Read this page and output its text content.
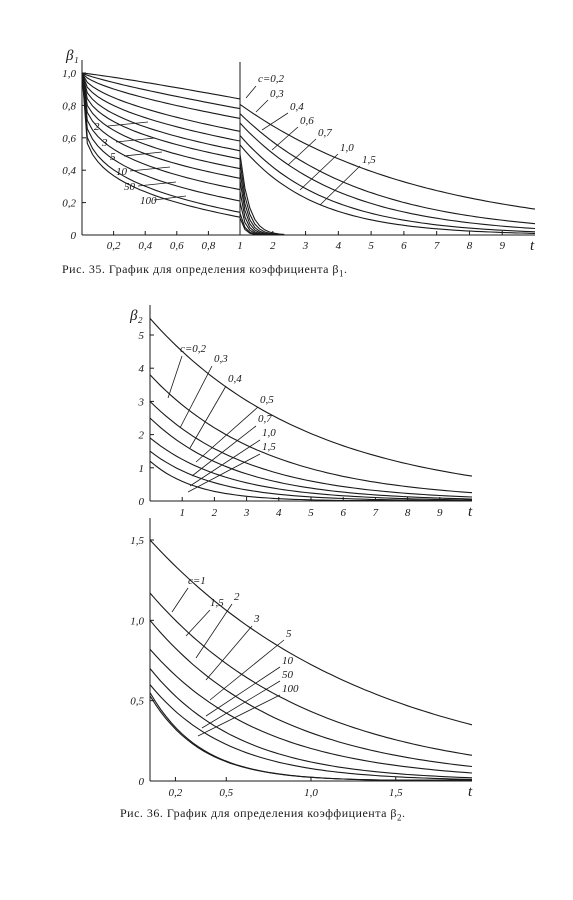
β₁
t
0
0,2
0,4
0,6
0,8
1,0
0,2 0,4 0,6 0,8 1 2 3 4 5 6 7 8 9
c=0,2
0,3
0,4
0,6
0,7
1,0
1,5
2
3
5
10
50
100
β₂
t
0
1
2
3
4
5
1 2 3 4 5 6 7 8 9
c=0,2
0,3
0,4
0,5
0,7
1,0
1,5
t
0
0,5
1,0
1,5
0,2	0,5	1,0	1,5
c=1
1,5 2
3
5
10
50
100
Рис. 35. График для определения коэффициента $\beta_1$.
Рис. 36. График для определения коэффициента $\beta_2$.
